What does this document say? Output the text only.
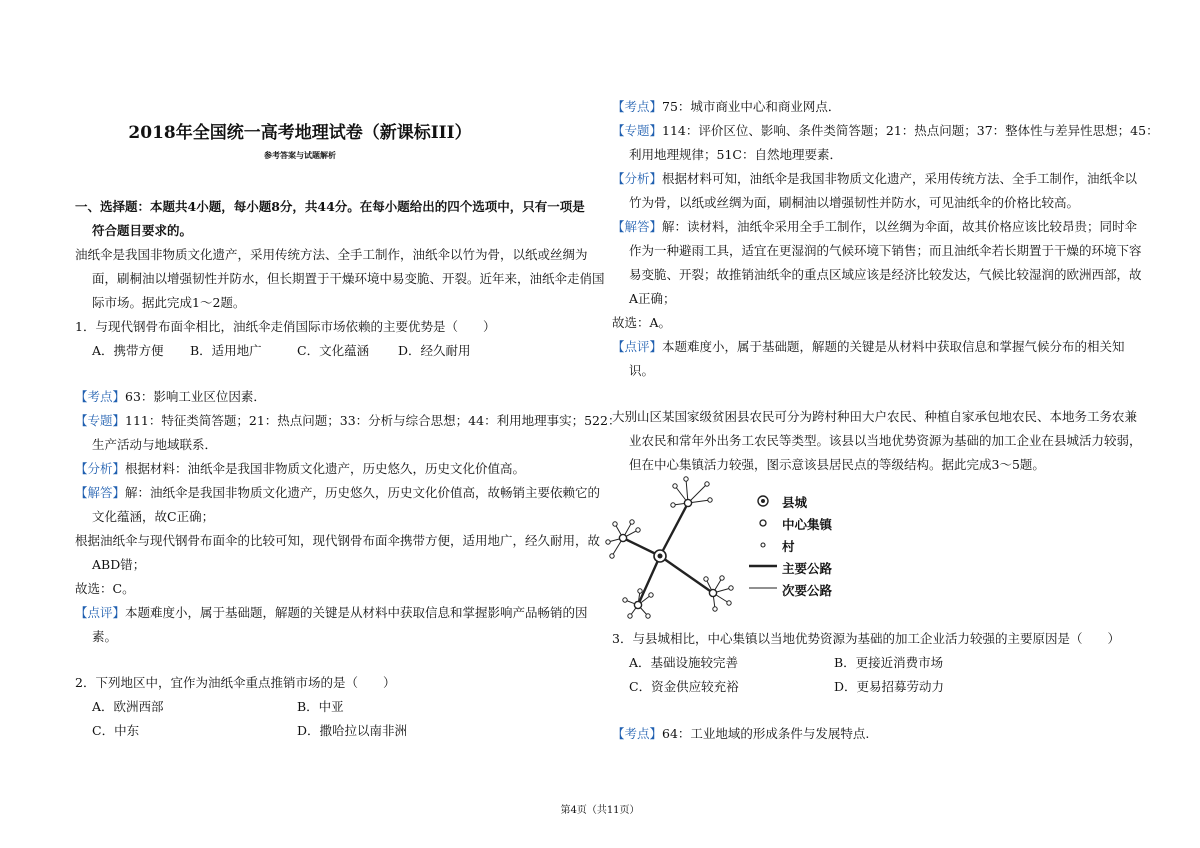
2018年全国统一高考地理试卷（新课标III）
参考答案与试题解析
一、选择题：本题共4小题，每小题8分，共44分。在每小题给出的四个选项中，只有一项是
符合题目要求的。
油纸伞是我国非物质文化遗产，采用传统方法、全手工制作，油纸伞以竹为骨，以纸或丝绸为
面，刷桐油以增强韧性并防水，但长期置于干燥环境中易变脆、开裂。近年来，油纸伞走俏国
际市场。据此完成1～2题。
1．与现代钢骨布面伞相比，油纸伞走俏国际市场依赖的主要优势是（　　）
A．携带方便 B．适用地广	C．文化蕴涵 D．经久耐用
【考点】63：影响工业区位因素．
【专题】111：特征类简答题；21：热点问题；33：分析与综合思想；44：利用地理事实；522：
生产活动与地域联系．
【分析】根据材料：油纸伞是我国非物质文化遗产，历史悠久，历史文化价值高。
【解答】解：油纸伞是我国非物质文化遗产，历史悠久，历史文化价值高，故畅销主要依赖它的
文化蕴涵，故C正确；
根据油纸伞与现代钢骨布面伞的比较可知，现代钢骨布面伞携带方便，适用地广，经久耐用，故
ABD错；
故选：C。
【点评】本题难度小，属于基础题，解题的关键是从材料中获取信息和掌握影响产品畅销的因
素。
2．下列地区中，宜作为油纸伞重点推销市场的是（　　）
A．欧洲西部	B．中亚
C．中东	D．撒哈拉以南非洲
【考点】75：城市商业中心和商业网点．
【专题】114：评价区位、影响、条件类简答题；21：热点问题；37：整体性与差异性思想；45：
利用地理规律；51C：自然地理要素．
【分析】根据材料可知，油纸伞是我国非物质文化遗产，采用传统方法、全手工制作，油纸伞以
竹为骨，以纸或丝绸为面，刷桐油以增强韧性并防水，可见油纸伞的价格比较高。
【解答】解：读材料，油纸伞采用全手工制作，以丝绸为伞面，故其价格应该比较昂贵；同时伞
作为一种避雨工具，适宜在更湿润的气候环境下销售；而且油纸伞若长期置于干燥的环境下容
易变脆、开裂；故推销油纸伞的重点区域应该是经济比较发达，气候比较湿润的欧洲西部，故
A正确；
故选：A。
【点评】本题难度小，属于基础题，解题的关键是从材料中获取信息和掌握气候分布的相关知
识。
大别山区某国家级贫困县农民可分为跨村种田大户农民、种植自家承包地农民、本地务工务农兼
业农民和常年外出务工农民等类型。该县以当地优势资源为基础的加工企业在县城活力较弱，
但在中心集镇活力较强，图示意该县居民点的等级结构。据此完成3～5题。
县城
中心集镇
村
主要公路
次要公路
3．与县城相比，中心集镇以当地优势资源为基础的加工企业活力较强的主要原因是（　　）
A．基础设施较完善	B．更接近消费市场
C．资金供应较充裕	D．更易招募劳动力
【考点】64：工业地域的形成条件与发展特点.
第4页（共11页）
